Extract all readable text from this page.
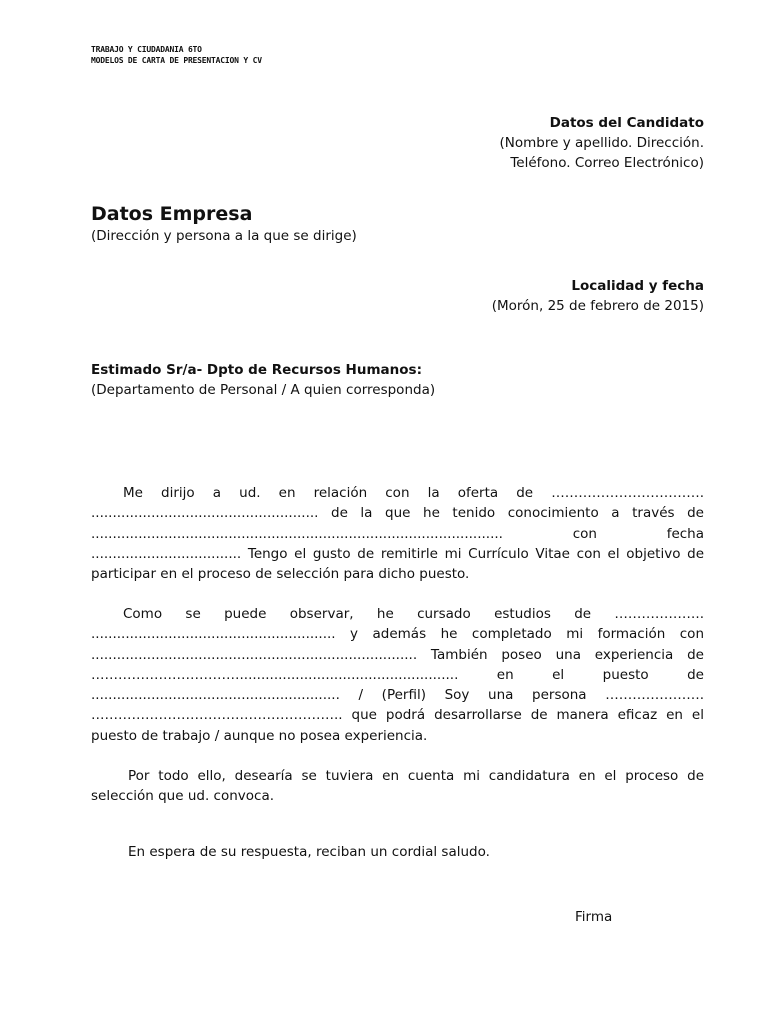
TRABAJO Y CIUDADANIA 6TO
MODELOS DE CARTA DE PRESENTACION Y CV
Datos del Candidato
(Nombre y apellido. Dirección.
Teléfono. Correo Electrónico)
Datos Empresa
(Dirección y persona a la que se dirige)
Localidad y fecha
(Morón, 25 de febrero de 2015)
Estimado Sr/a- Dpto de Recursos Humanos:
(Departamento de Personal / A quien corresponda)
Me dirijo a ud. en relación con la oferta de ……………………………. ..................................................... de la que he tenido conocimiento a través de ................................................................................................ con fecha ................................... Tengo el gusto de remitirle mi Currículo Vitae con el objetivo de participar en el proceso de selección para dicho puesto.
Como se puede observar, he cursado estudios de ……………….. ......................................................... y además he completado mi formación con ............................................................................ También poseo una experiencia de ……………………………................................................... en el puesto de .......................................................... / (Perfil) Soy una persona …………………. ……………………………………………….. que podrá desarrollarse de manera eficaz en el puesto de trabajo / aunque no posea experiencia.
Por todo ello, desearía se tuviera en cuenta mi candidatura en el proceso de selección que ud. convoca.
En espera de su respuesta, reciban un cordial saludo.
Firma
